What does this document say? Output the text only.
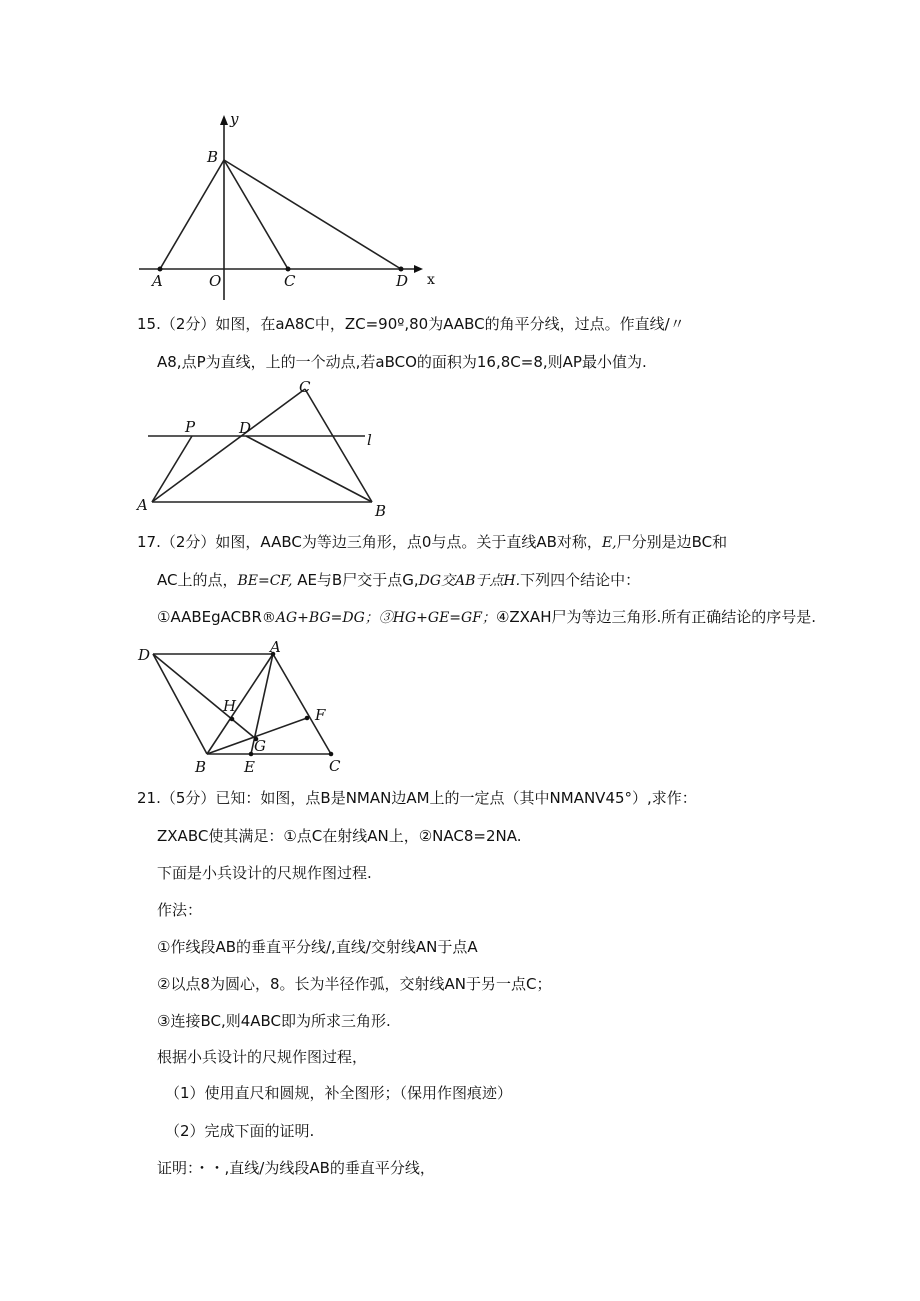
y
B
A	O	C	D x
15.（2分）如图，在aA8C中，ZC=90º,80为AABC的角平分线，过点。作直线/〃
A8,点P为直线，上的一个动点,若aBCO的面积为16,8C=8,则AP最小值为.
C
P	D
l
A	B
17.（2分）如图，AABC为等边三角形，点0与点。关于直线AB对称，E,尸分别是边BC和
AC上的点，BE=CF, AE与B尸交于点G,DG交AB于点H.下列四个结论中：
①AABEgACBR®AG+BG=DG；③HG+GE=GF；④ZXAH尸为等边三角形.所有正确结论的序号是.
D	A
H	F
G
B	E	C
21.（5分）已知：如图，点B是NMAN边AM上的一定点（其中NMANV45°）,求作：
ZXABC使其满足：①点C在射线AN上，②NAC8=2NA.
下面是小兵设计的尺规作图过程.
作法：
①作线段AB的垂直平分线/,直线/交射线AN于点A
②以点8为圆心，8。长为半径作弧，交射线AN于另一点C；
③连接BC,则4ABC即为所求三角形.
根据小兵设计的尺规作图过程，
（1）使用直尺和圆规，补全图形；（保用作图痕迹）
（2）完成下面的证明.
证明：・・,直线/为线段AB的垂直平分线，
